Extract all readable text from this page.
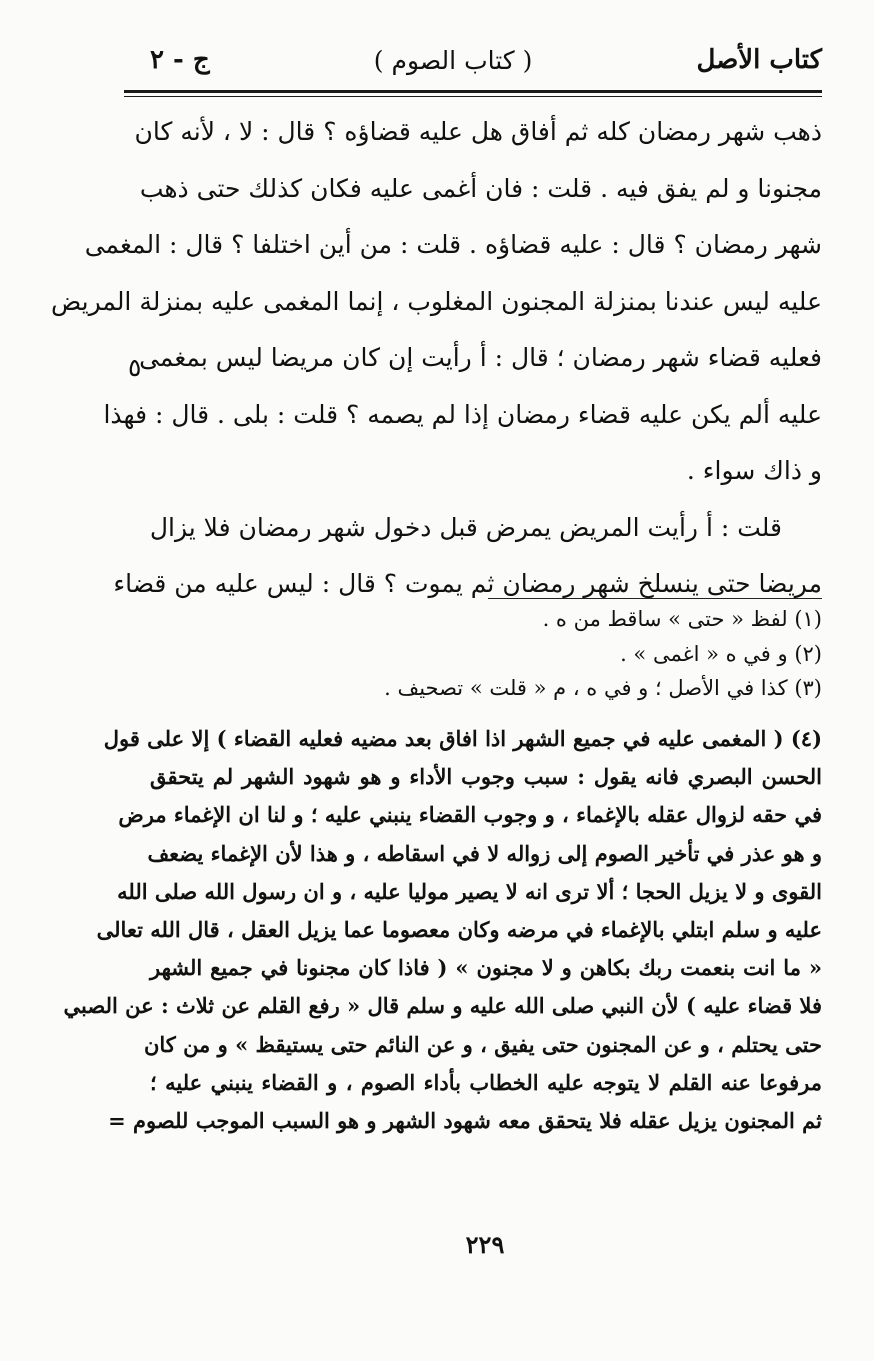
كتاب الأصل
( كتاب الصوم )
ج - ٢
ذهب شهر رمضان كله ثم أفاق هل عليه قضاؤه ؟ قال : لا ، لأنه كان
مجنونا و لم يفق فيه . قلت : فان أغمى عليه فكان كذلك حتى ذهب
شهر رمضان ؟ قال : عليه قضاؤه . قلت : من أين اختلفا ؟ قال : المغمى
عليه ليس عندنا بمنزلة المجنون المغلوب ، إنما المغمى عليه بمنزلة المريض
فعليه قضاء شهر رمضان ؛ قال : أ رأيت إن كان مريضا ليس بمغمى
عليه ألم يكن عليه قضاء رمضان إذا لم يصمه ؟ قلت : بلى . قال : فهذا
و ذاك سواء .
قلت : أ رأيت المريض يمرض قبل دخول شهر رمضان فلا يزال
مريضا حتى ينسلخ شهر رمضان ثم يموت ؟ قال : ليس عليه من قضاء
٥
(١) لفظ « حتى » ساقط من ه .
(٢) و في ه « اغمى » .
(٣) كذا في الأصل ؛ و في ه ، م « قلت » تصحيف .
(٤) ( المغمى عليه في جميع الشهر اذا افاق بعد مضيه فعليه القضاء ) إلا على قول
الحسن البصري فانه يقول : سبب وجوب الأداء و هو شهود الشهر لم يتحقق
في حقه لزوال عقله بالإغماء ، و وجوب القضاء ينبني عليه ؛ و لنا ان الإغماء مرض
و هو عذر في تأخير الصوم إلى زواله لا في اسقاطه ، و هذا لأن الإغماء يضعف
القوى و لا يزيل الحجا ؛ ألا ترى انه لا يصير موليا عليه ، و ان رسول الله صلى الله
عليه و سلم ابتلي بالإغماء في مرضه وكان معصوما عما يزيل العقل ، قال الله تعالى
« ما انت بنعمت ربك بكاهن و لا مجنون » ( فاذا كان مجنونا في جميع الشهر
فلا قضاء عليه ) لأن النبي صلى الله عليه و سلم قال « رفع القلم عن ثلاث : عن الصبي
حتى يحتلم ، و عن المجنون حتى يفيق ، و عن النائم حتى يستيقظ » و من كان
مرفوعا عنه القلم لا يتوجه عليه الخطاب بأداء الصوم ، و القضاء ينبني عليه ؛
ثم المجنون يزيل عقله فلا يتحقق معه شهود الشهر و هو السبب الموجب للصوم =
٢٢٩
